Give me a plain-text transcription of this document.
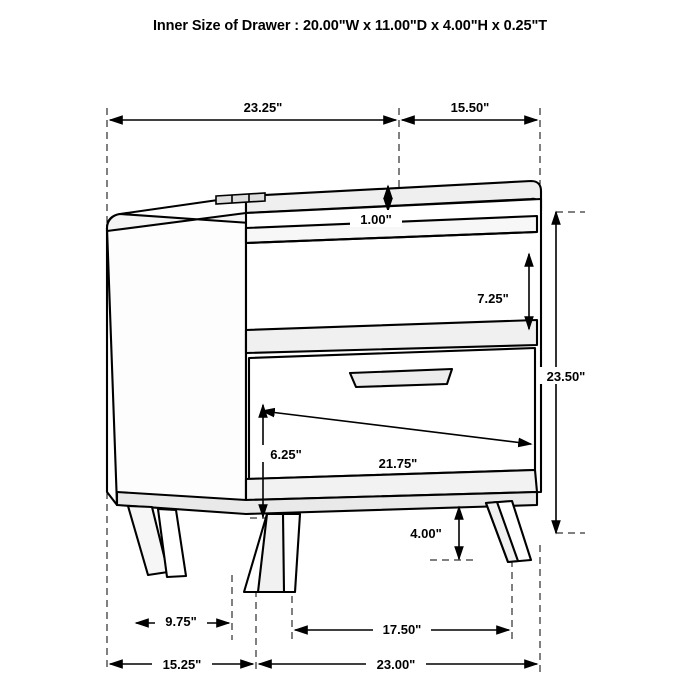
Inner Size of Drawer : 20.00"W x 11.00"D x 4.00"H x 0.25"T
23.25"	15.50"
1.00"
7.25"
23.50"
6.25"
21.75"
4.00"
9.75"
17.50"
15.25"	23.00"
